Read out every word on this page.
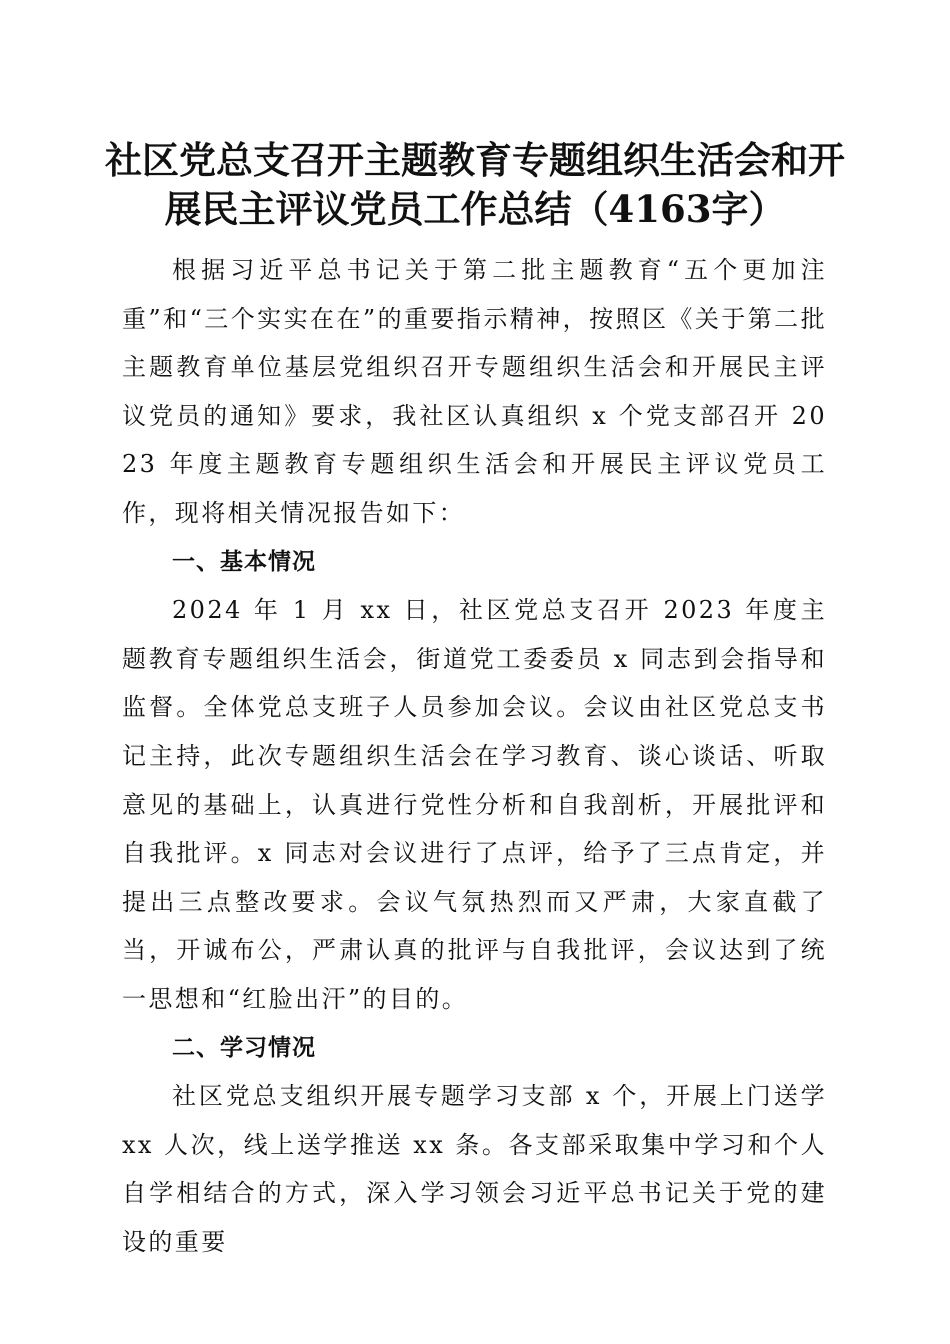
社区党总支召开主题教育专题组织生活会和开
展民主评议党员工作总结（4163字）

根据习近平总书记关于第二批主题教育“五个更加注重”和“三个实实在在”的重要指示精神，按照区《关于第二批主题教育单位基层党组织召开专题组织生活会和开展民主评议党员的通知》要求，我社区认真组织 x 个党支部召开 2023 年度主题教育专题组织生活会和开展民主评议党员工作，现将相关情况报告如下：

一、基本情况

2024 年 1 月 xx 日，社区党总支召开 2023 年度主题教育专题组织生活会，街道党工委委员 x 同志到会指导和监督。全体党总支班子人员参加会议。会议由社区党总支书记主持，此次专题组织生活会在学习教育、谈心谈话、听取意见的基础上，认真进行党性分析和自我剖析，开展批评和自我批评。x 同志对会议进行了点评，给予了三点肯定，并提出三点整改要求。会议气氛热烈而又严肃，大家直截了当，开诚布公，严肃认真的批评与自我批评，会议达到了统一思想和“红脸出汗”的目的。

二、学习情况

社区党总支组织开展专题学习支部 x 个，开展上门送学 xx 人次，线上送学推送 xx 条。各支部采取集中学习和个人自学相结合的方式，深入学习领会习近平总书记关于党的建设的重要
